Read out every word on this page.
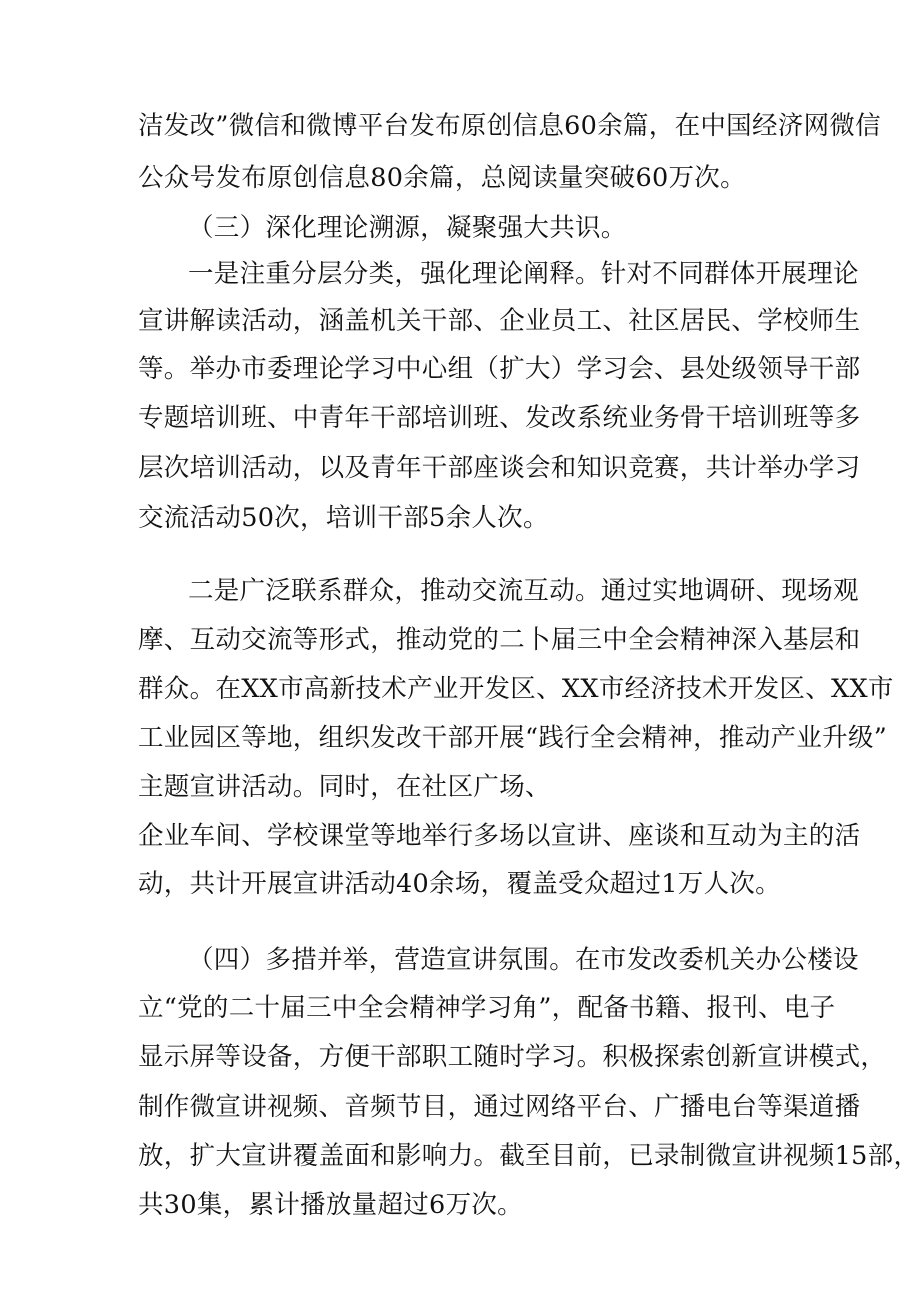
洁发改”微信和微博平台发布原创信息60余篇，在中国经济网微信
公众号发布原创信息80余篇，总阅读量突破60万次。
（三）深化理论溯源，凝聚强大共识。
一是注重分层分类，强化理论阐释。针对不同群体开展理论
宣讲解读活动，涵盖机关干部、企业员工、社区居民、学校师生
等。举办市委理论学习中心组（扩大）学习会、县处级领导干部
专题培训班、中青年干部培训班、发改系统业务骨干培训班等多
层次培训活动，以及青年干部座谈会和知识竞赛，共计举办学习
交流活动50次，培训干部5余人次。
二是广泛联系群众，推动交流互动。通过实地调研、现场观
摩、互动交流等形式，推动党的二卜届三中全会精神深入基层和
群众。在XX市高新技术产业开发区、XX市经济技术开发区、XX市
工业园区等地，组织发改干部开展“践行全会精神，推动产业升级”
主题宣讲活动。同时，在社区广场、
企业车间、学校课堂等地举行多场以宣讲、座谈和互动为主的活
动，共计开展宣讲活动40余场，覆盖受众超过1万人次。
（四）多措并举，营造宣讲氛围。在市发改委机关办公楼设
立“党的二十届三中全会精神学习角”，配备书籍、报刊、电子
显示屏等设备，方便干部职工随时学习。积极探索创新宣讲模式，
制作微宣讲视频、音频节目，通过网络平台、广播电台等渠道播
放，扩大宣讲覆盖面和影响力。截至目前，已录制微宣讲视频15部，
共30集，累计播放量超过6万次。
